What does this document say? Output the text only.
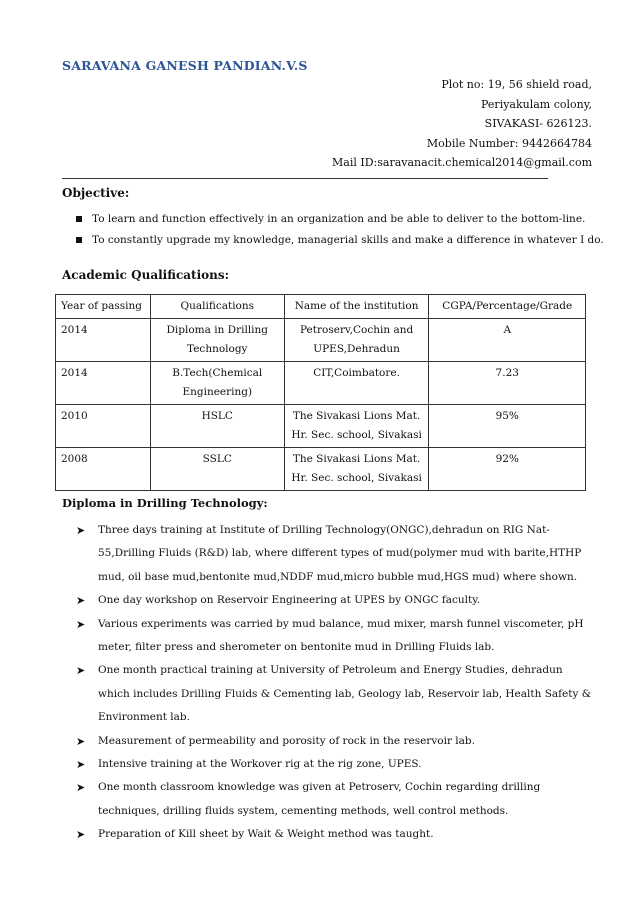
SARAVANA GANESH PANDIAN.V.S
Plot no: 19, 56 shield road,
Periyakulam colony,
SIVAKASI- 626123.
Mobile Number: 9442664784
Mail ID:saravanacit.chemical2014@gmail.com
Objective:
To learn and function effectively in an organization and be able to deliver to the bottom-line.
To constantly upgrade my knowledge, managerial skills and make a difference in whatever I do.
Academic Qualifications:
Year of passing	Qualifications	Name of the institution	CGPA/Percentage/Grade
2014	Diploma in Drilling Technology	Petroserv,Cochin and UPES,Dehradun	A
2014	B.Tech(Chemical Engineering)	CIT,Coimbatore.	7.23
2010	HSLC	The Sivakasi Lions Mat. Hr. Sec. school, Sivakasi	95%
2008	SSLC	The Sivakasi Lions Mat. Hr. Sec. school, Sivakasi	92%
Diploma in Drilling Technology:
➤ Three days training at Institute of Drilling Technology(ONGC),dehradun on RIG Nat-55,Drilling Fluids (R&D) lab, where different types of mud(polymer mud with barite,HTHP mud, oil base mud,bentonite mud,NDDF mud,micro bubble mud,HGS mud) where shown.
➤ One day workshop on Reservoir Engineering at UPES by ONGC faculty.
➤ Various experiments was carried by mud balance, mud mixer, marsh funnel viscometer, pH meter, filter press and sherometer on bentonite mud in Drilling Fluids lab.
➤ One month practical training at University of Petroleum and Energy Studies, dehradun which includes Drilling Fluids & Cementing lab, Geology lab, Reservoir lab, Health Safety & Environment lab.
➤ Measurement of permeability and porosity of rock in the reservoir lab.
➤ Intensive training at the Workover rig at the rig zone, UPES.
➤ One month classroom knowledge was given at Petroserv, Cochin regarding drilling techniques, drilling fluids system, cementing methods, well control methods.
➤ Preparation of Kill sheet by Wait & Weight method was taught.
